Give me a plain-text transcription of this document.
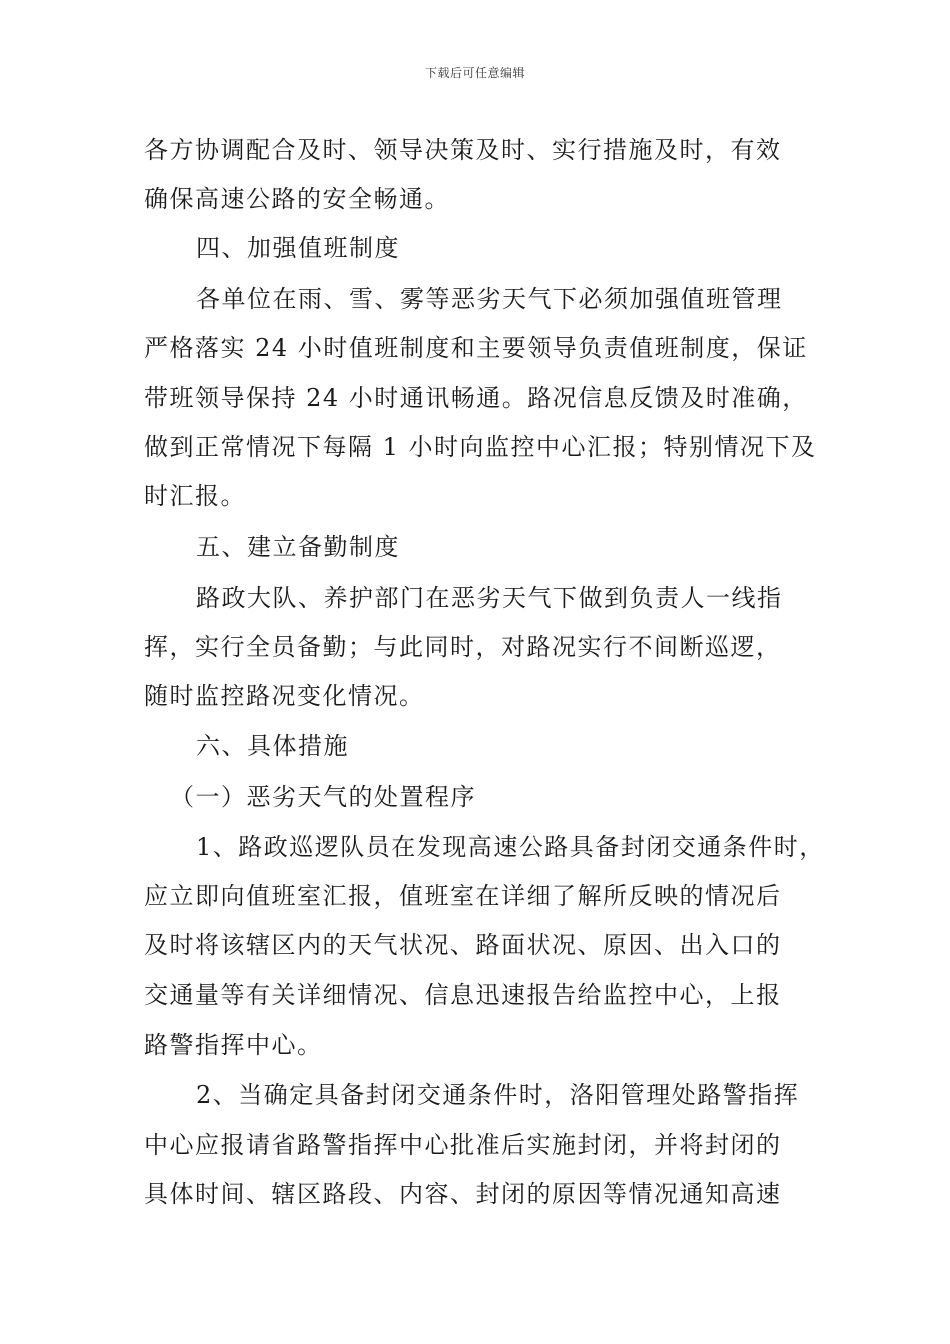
下载后可任意编辑
各方协调配合及时、领导决策及时、实行措施及时，有效
确保高速公路的安全畅通。
四、加强值班制度
各单位在雨、雪、雾等恶劣天气下必须加强值班管理
严格落实 24 小时值班制度和主要领导负责值班制度，保证
带班领导保持 24 小时通讯畅通。路况信息反馈及时准确，
做到正常情况下每隔 1 小时向监控中心汇报；特别情况下及
时汇报。
五、建立备勤制度
路政大队、养护部门在恶劣天气下做到负责人一线指
挥，实行全员备勤；与此同时，对路况实行不间断巡逻，
随时监控路况变化情况。
六、具体措施
（一）恶劣天气的处置程序
1、路政巡逻队员在发现高速公路具备封闭交通条件时，
应立即向值班室汇报，值班室在详细了解所反映的情况后
及时将该辖区内的天气状况、路面状况、原因、出入口的
交通量等有关详细情况、信息迅速报告给监控中心，上报
路警指挥中心。
2、当确定具备封闭交通条件时，洛阳管理处路警指挥
中心应报请省路警指挥中心批准后实施封闭，并将封闭的
具体时间、辖区路段、内容、封闭的原因等情况通知高速
